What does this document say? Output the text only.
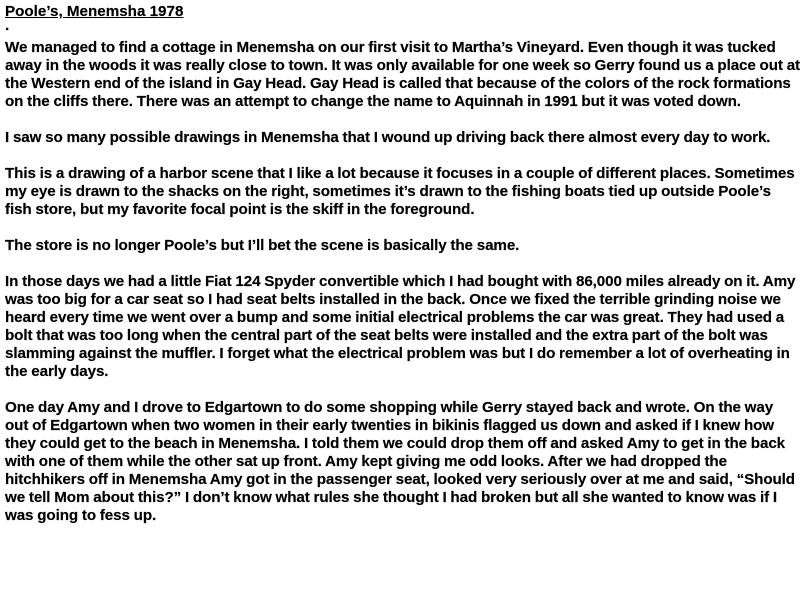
Poole’s, Menemsha 1978

.

We managed to find a cottage in Menemsha on our first visit to Martha’s Vineyard. Even though it was tucked away in the woods it was really close to town. It was only available for one week so Gerry found us a place out at the Western end of the island in Gay Head. Gay Head is called that because of the colors of the rock formations on the cliffs there. There was an attempt to change the name to Aquinnah in 1991 but it was voted down.

I saw so many possible drawings in Menemsha that I wound up driving back there almost every day to work.

This is a drawing of a harbor scene that I like a lot because it focuses in a couple of different places. Sometimes my eye is drawn to the shacks on the right, sometimes it’s drawn to the fishing boats tied up outside Poole’s fish store, but my favorite focal point is the skiff in the foreground.

The store is no longer Poole’s but I’ll bet the scene is basically the same.

In those days we had a little Fiat 124 Spyder convertible which I had bought with 86,000 miles already on it. Amy was too big for a car seat so I had seat belts installed in the back. Once we fixed the terrible grinding noise we heard every time we went over a bump and some initial electrical problems the car was great. They had used a bolt that was too long when the central part of the seat belts were installed and the extra part of the bolt was slamming against the muffler. I forget what the electrical problem was but I do remember a lot of overheating in the early days.

One day Amy and I drove to Edgartown to do some shopping while Gerry stayed back and wrote. On the way out of Edgartown when two women in their early twenties in bikinis flagged us down and asked if I knew how they could get to the beach in Menemsha. I told them we could drop them off and asked Amy to get in the back with one of them while the other sat up front. Amy kept giving me odd looks. After we had dropped the hitchhikers off in Menemsha Amy got in the passenger seat, looked very seriously over at me and said, “Should we tell Mom about this?” I don’t know what rules she thought I had broken but all she wanted to know was if I was going to fess up.
